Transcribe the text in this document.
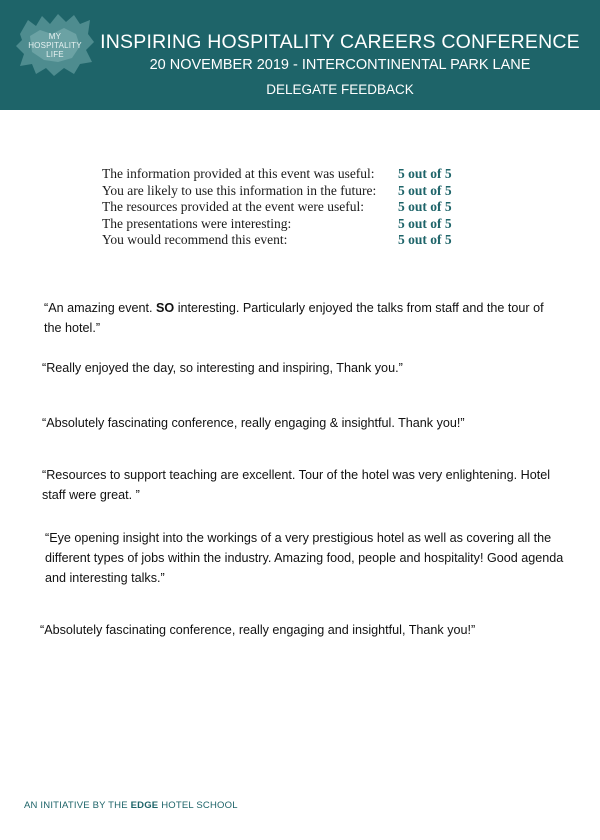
MY
HOSPITALITY
LIFE
INSPIRING HOSPITALITY CAREERS CONFERENCE
20 NOVEMBER 2019 - INTERCONTINENTAL PARK LANE
DELEGATE FEEDBACK
The information provided at this event was useful: 5 out of 5
You are likely to use this information in the future: 5 out of 5
The resources provided at the event were useful:	5 out of 5
The presentations were interesting:	5 out of 5
You would recommend this event:	5 out of 5
“An amazing event. SO interesting. Particularly enjoyed the talks from staff and the tour of the hotel.”
“Really enjoyed the day, so interesting and inspiring, Thank you.”
“Absolutely fascinating conference, really engaging & insightful. Thank you!”
“Resources to support teaching are excellent. Tour of the hotel was very enlightening. Hotel staff were great. ”
“Eye opening insight into the workings of a very prestigious hotel as well as covering all the different types of jobs within the industry. Amazing food, people and hospitality! Good agenda and interesting talks.”
“Absolutely fascinating conference, really engaging and insightful, Thank you!”
AN INITIATIVE BY THE EDGE HOTEL SCHOOL
